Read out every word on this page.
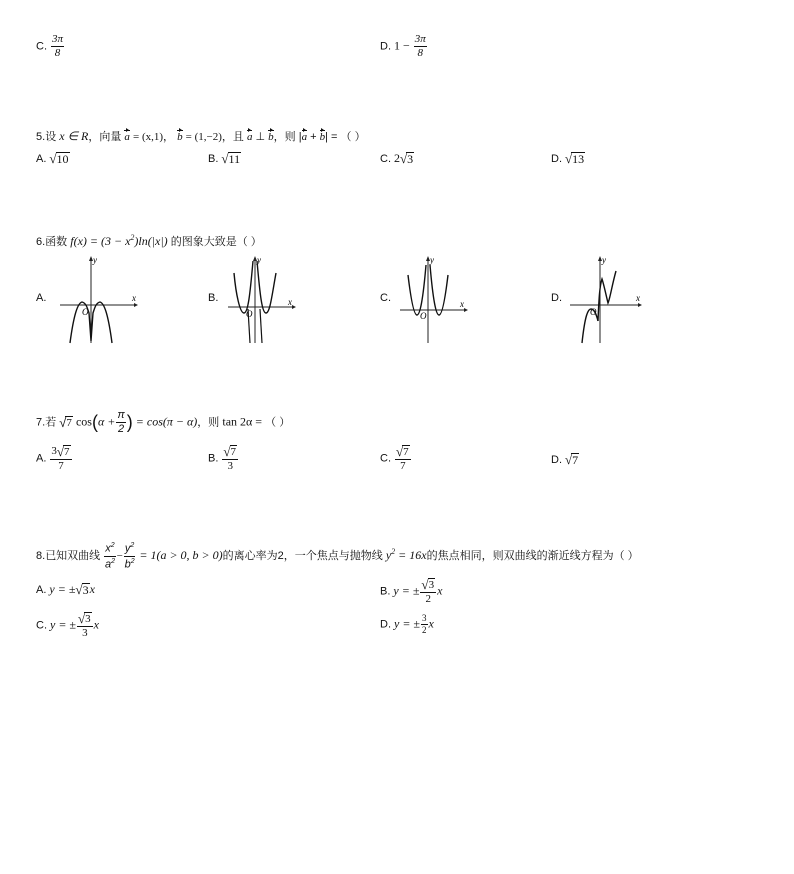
C. $\frac{3\pi}{8}$	D. $1 - \frac{3\pi}{8}$
5.设 x ∈ R，向量 a = (x,1)， b = (1,−2)，且 a ⊥ b，则 |a + b| = （ ）
A. √ 10	B. √ 11	C. 2 √ 3	D. √ 13
6.函数 $f(x) = (3 - x^2)\ln(|x|)$ 的图象大致是（ ）
A.	B.	C.	D.
x
y
O
x
y
O
x
y
O
x
y
O
7.若 √ 7 $\cos(\alpha + \frac{\pi}{2}$ ) = cos(π − α)，则 tan 2α = （ ）
A. $\frac{3 √ 7}{7}$	B. $\frac{√ 7}{3}$	C. $\frac{√ 7}{7}$	D. √ 7
8.已知双曲线 $\frac{x^2}{a^2} - \frac{y^2}{b^2} = 1(a > 0$, b > 0)的离心率为2，一个焦点与抛物线 $y^2 = 16x$的焦点相同，则双曲线的渐近线方程为（ ）
A. y = ± √ 3 x	B. y = ± $\frac{√ 3}{2}$ x
C. y = ± $\frac{√ 3}{3}$ x	D. y = ± $\frac{3}{2}$ x
